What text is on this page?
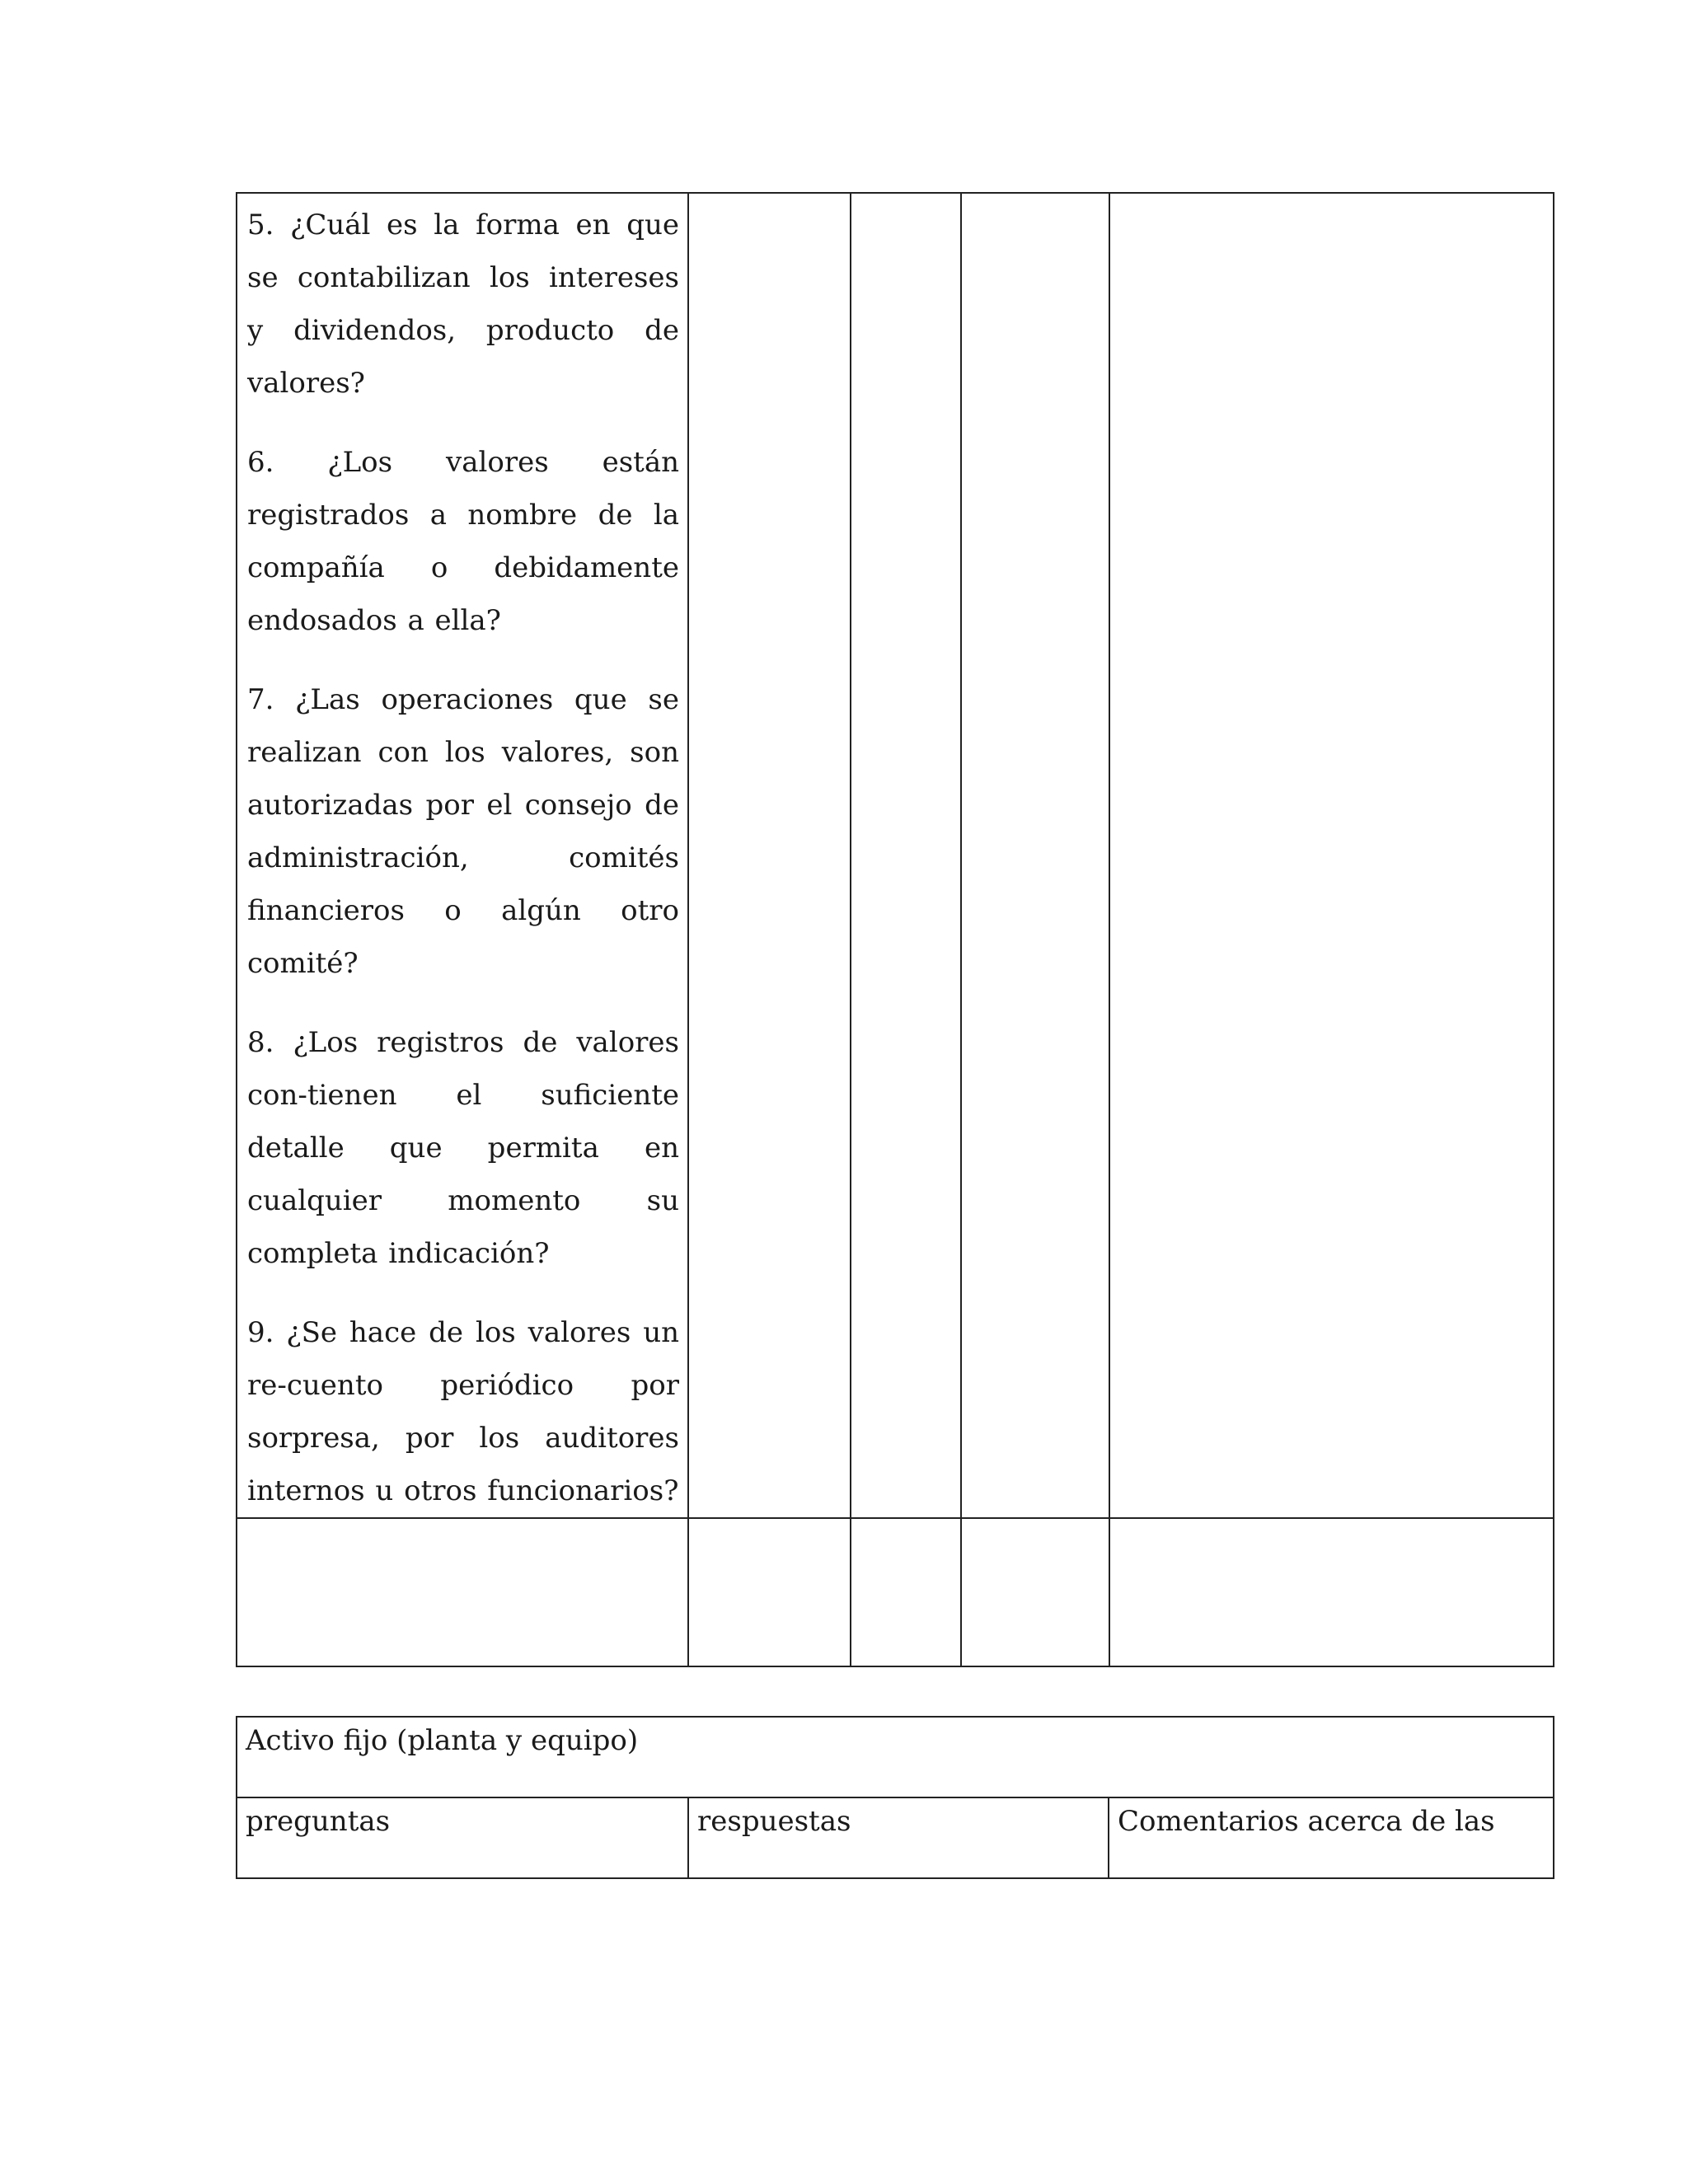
5. ¿Cuál es la forma en que se contabilizan los intereses y dividendos, producto de valores?
6. ¿Los valores están registrados a nombre de la compañía o debidamente endosados a ella?
7. ¿Las operaciones que se realizan con los valores, son autorizadas por el consejo de administración, comités financieros o algún otro comité?
8. ¿Los registros de valores con-tienen el suficiente detalle que permita en cualquier momento su completa indicación?
9. ¿Se hace de los valores un re-cuento periódico por sorpresa, por los auditores internos u otros funcionarios?				

Activo fijo (planta y equipo)

preguntas	respuestas	Comentarios acerca de las
